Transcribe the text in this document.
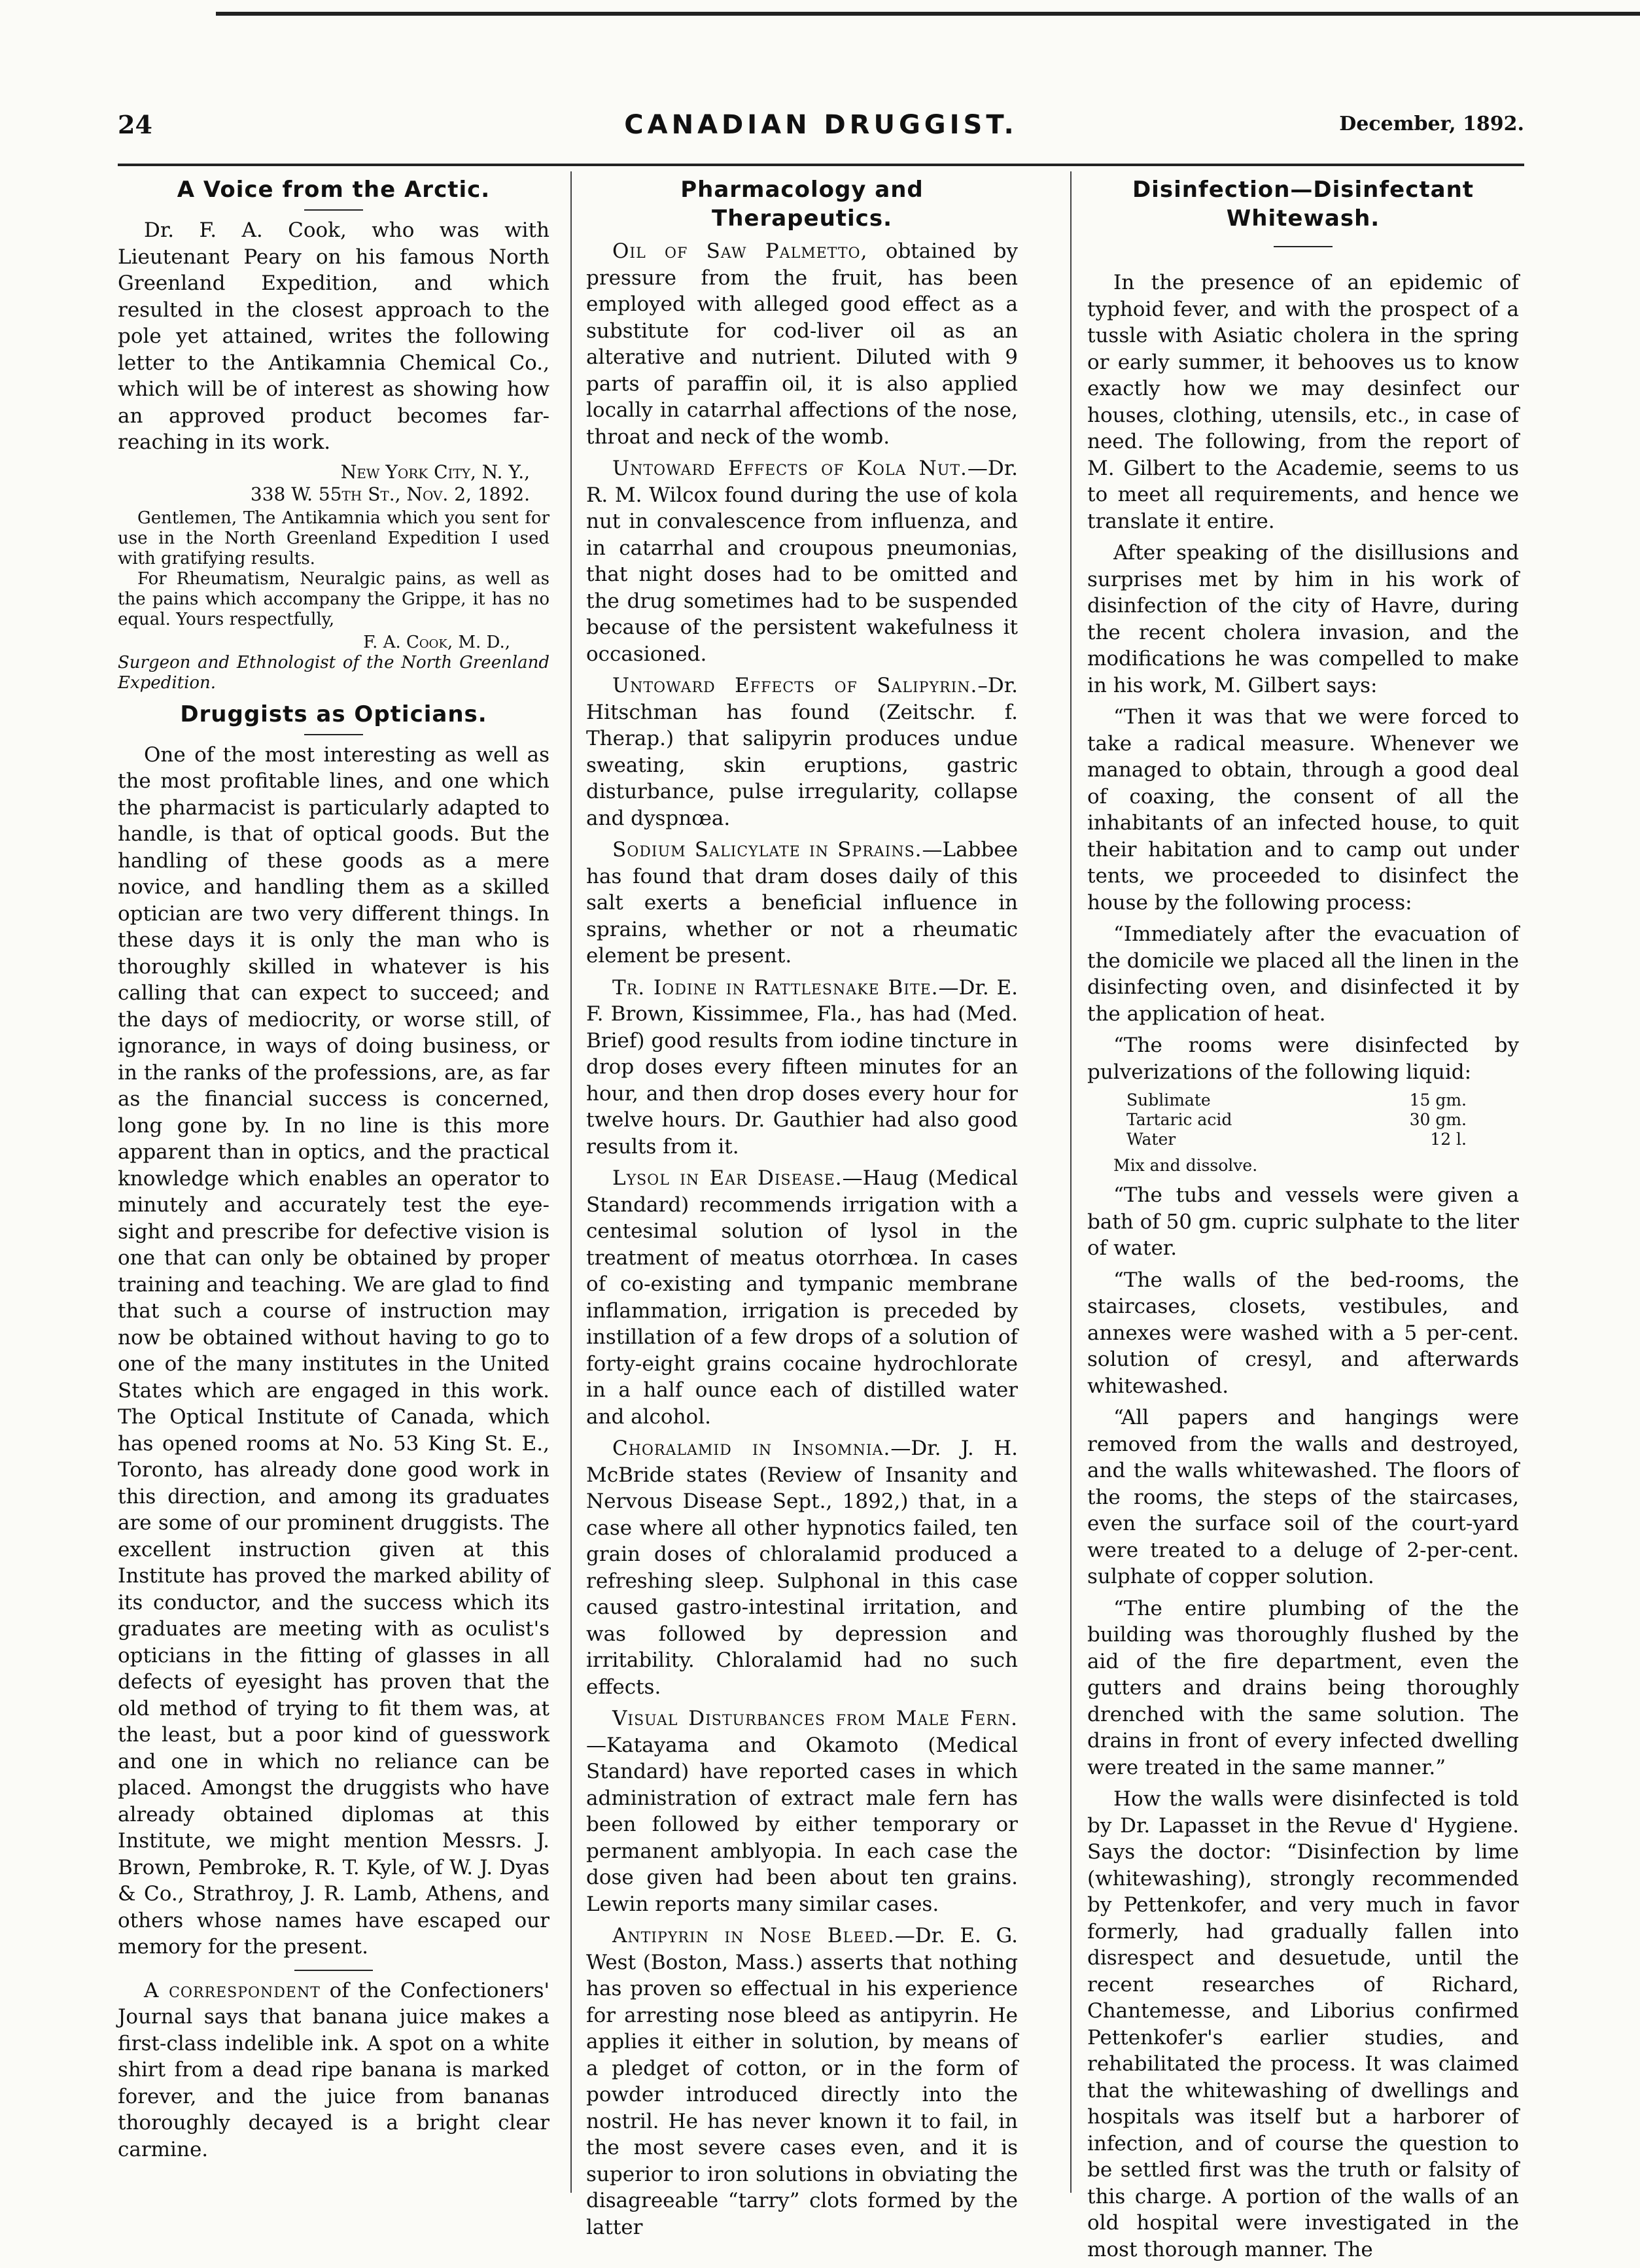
24	CANADIAN DRUGGIST.	December, 1892.
A Voice from the Arctic.

Dr. F. A. Cook, who was with Lieutenant Peary on his famous North Greenland Expedition, and which resulted in the closest approach to the pole yet attained, writes the following letter to the Antikamnia Chemical Co., which will be of interest as showing how an approved product becomes far-reaching in its work.

New York City, N. Y.,
338 W. 55th St., Nov. 2, 1892.

Gentlemen, The Antikamnia which you sent for use in the North Greenland Expedition I used with gratifying results.

For Rheumatism, Neuralgic pains, as well as the pains which accompany the Grippe, it has no equal. Yours respectfully,

F. A. Cook, M. D.,

Surgeon and Ethnologist of the North Greenland Expedition.

Druggists as Opticians.

One of the most interesting as well as the most profitable lines, and one which the pharmacist is particularly adapted to handle, is that of optical goods. But the handling of these goods as a mere novice, and handling them as a skilled optician are two very different things. In these days it is only the man who is thoroughly skilled in whatever is his calling that can expect to succeed; and the days of mediocrity, or worse still, of ignorance, in ways of doing business, or in the ranks of the professions, are, as far as the financial success is concerned, long gone by. In no line is this more apparent than in optics, and the practical knowledge which enables an operator to minutely and accurately test the eye-sight and prescribe for defective vision is one that can only be obtained by proper training and teaching. We are glad to find that such a course of instruction may now be obtained without having to go to one of the many institutes in the United States which are engaged in this work. The Optical Institute of Canada, which has opened rooms at No. 53 King St. E., Toronto, has already done good work in this direction, and among its graduates are some of our prominent druggists. The excellent instruction given at this Institute has proved the marked ability of its conductor, and the success which its graduates are meeting with as oculist's opticians in the fitting of glasses in all defects of eyesight has proven that the old method of trying to fit them was, at the least, but a poor kind of guesswork and one in which no reliance can be placed. Amongst the druggists who have already obtained diplomas at this Institute, we might mention Messrs. J. Brown, Pembroke, R. T. Kyle, of W. J. Dyas & Co., Strathroy, J. R. Lamb, Athens, and others whose names have escaped our memory for the present.

A correspondent of the Confectioners' Journal says that banana juice makes a first-class indelible ink. A spot on a white shirt from a dead ripe banana is marked forever, and the juice from bananas thoroughly decayed is a bright clear carmine.

Pharmacology and Therapeutics.

Oil of Saw Palmetto, obtained by pressure from the fruit, has been employed with alleged good effect as a substitute for cod-liver oil as an alterative and nutrient. Diluted with 9 parts of paraffin oil, it is also applied locally in catarrhal affections of the nose, throat and neck of the womb.

Untoward Effects of Kola Nut.—Dr. R. M. Wilcox found during the use of kola nut in convalescence from influenza, and in catarrhal and croupous pneumonias, that night doses had to be omitted and the drug sometimes had to be suspended because of the persistent wakefulness it occasioned.

Untoward Effects of Salipyrin.–Dr. Hitschman has found (Zeitschr. f. Therap.) that salipyrin produces undue sweating, skin eruptions, gastric disturbance, pulse irregularity, collapse and dyspnœa.

Sodium Salicylate in Sprains.—Labbee has found that dram doses daily of this salt exerts a beneficial influence in sprains, whether or not a rheumatic element be present.

Tr. Iodine in Rattlesnake Bite.—Dr. E. F. Brown, Kissimmee, Fla., has had (Med. Brief) good results from iodine tincture in drop doses every fifteen minutes for an hour, and then drop doses every hour for twelve hours. Dr. Gauthier had also good results from it.

Lysol in Ear Disease.—Haug (Medical Standard) recommends irrigation with a centesimal solution of lysol in the treatment of meatus otorrhœa. In cases of co-existing and tympanic membrane inflammation, irrigation is preceded by instillation of a few drops of a solution of forty-eight grains cocaine hydrochlorate in a half ounce each of distilled water and alcohol.

Choralamid in Insomnia.—Dr. J. H. McBride states (Review of Insanity and Nervous Disease Sept., 1892,) that, in a case where all other hypnotics failed, ten grain doses of chloralamid produced a refreshing sleep. Sulphonal in this case caused gastro-intestinal irritation, and was followed by depression and irritability. Chloralamid had no such effects.

Visual Disturbances from Male Fern.—Katayama and Okamoto (Medical Standard) have reported cases in which administration of extract male fern has been followed by either temporary or permanent amblyopia. In each case the dose given had been about ten grains. Lewin reports many similar cases.

Antipyrin in Nose Bleed.—Dr. E. G. West (Boston, Mass.) asserts that nothing has proven so effectual in his experience for arresting nose bleed as antipyrin. He applies it either in solution, by means of a pledget of cotton, or in the form of powder introduced directly into the nostril. He has never known it to fail, in the most severe cases even, and it is superior to iron solutions in obviating the disagreeable “tarry” clots formed by the latter

Disinfection—Disinfectant Whitewash.

In the presence of an epidemic of typhoid fever, and with the prospect of a tussle with Asiatic cholera in the spring or early summer, it behooves us to know exactly how we may desinfect our houses, clothing, utensils, etc., in case of need. The following, from the report of M. Gilbert to the Academie, seems to us to meet all requirements, and hence we translate it entire.

After speaking of the disillusions and surprises met by him in his work of disinfection of the city of Havre, during the recent cholera invasion, and the modifications he was compelled to make in his work, M. Gilbert says:

“Then it was that we were forced to take a radical measure. Whenever we managed to obtain, through a good deal of coaxing, the consent of all the inhabitants of an infected house, to quit their habitation and to camp out under tents, we proceeded to disinfect the house by the following process:

“Immediately after the evacuation of the domicile we placed all the linen in the disinfecting oven, and disinfected it by the application of heat.

“The rooms were disinfected by pulverizations of the following liquid:

Sublimate	15 gm.
Tartaric acid	30 gm.
Water	12 l.
Mix and dissolve.

“The tubs and vessels were given a bath of 50 gm. cupric sulphate to the liter of water.

“The walls of the bed-rooms, the staircases, closets, vestibules, and annexes were washed with a 5 per-cent. solution of cresyl, and afterwards whitewashed.

“All papers and hangings were removed from the walls and destroyed, and the walls whitewashed. The floors of the rooms, the steps of the staircases, even the surface soil of the court-yard were treated to a deluge of 2-per-cent. sulphate of copper solution.

“The entire plumbing of the the building was thoroughly flushed by the aid of the fire department, even the gutters and drains being thoroughly drenched with the same solution. The drains in front of every infected dwelling were treated in the same manner.”

How the walls were disinfected is told by Dr. Lapasset in the Revue d' Hygiene. Says the doctor: “Disinfection by lime (whitewashing), strongly recommended by Pettenkofer, and very much in favor formerly, had gradually fallen into disrespect and desuetude, until the recent researches of Richard, Chantemesse, and Liborius confirmed Pettenkofer's earlier studies, and rehabilitated the process. It was claimed that the whitewashing of dwellings and hospitals was itself but a harborer of infection, and of course the question to be settled first was the truth or falsity of this charge. A portion of the walls of an old hospital were investigated in the most thorough manner. The
